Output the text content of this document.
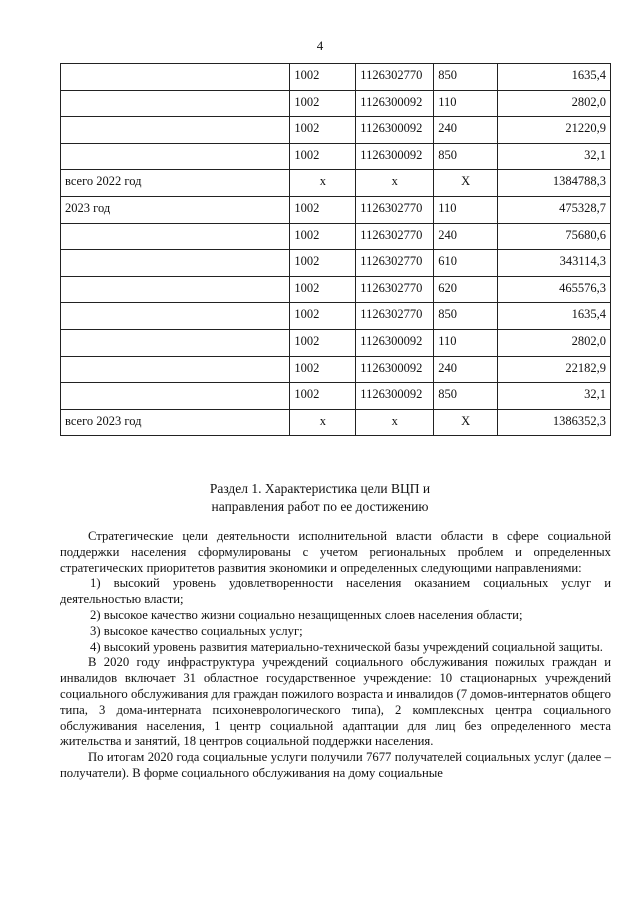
4
	1002	1126302770	850	1635,4
	1002	1126300092	110	2802,0
	1002	1126300092	240	21220,9
	1002	1126300092	850	32,1
всего 2022 год	х	х	Х	1384788,3
2023 год	1002	1126302770	110	475328,7
	1002	1126302770	240	75680,6
	1002	1126302770	610	343114,3
	1002	1126302770	620	465576,3
	1002	1126302770	850	1635,4
	1002	1126300092	110	2802,0
	1002	1126300092	240	22182,9
	1002	1126300092	850	32,1
всего 2023 год	х	х	Х	1386352,3
Раздел 1. Характеристика цели ВЦП и
направления работ по ее достижению

Стратегические цели деятельности исполнительной власти области в сфере социальной поддержки населения сформулированы с учетом региональных проблем и определенных стратегических приоритетов развития экономики и определенных следующими направлениями:

1) высокий уровень удовлетворенности населения оказанием социальных услуг и деятельностью власти;

2) высокое качество жизни социально незащищенных слоев населения области;

3) высокое качество социальных услуг;

4) высокий уровень развития материально-технической базы учреждений социальной защиты.

В 2020 году инфраструктура учреждений социального обслуживания пожилых граждан и инвалидов включает 31 областное государственное учреждение: 10 стационарных учреждений социального обслуживания для граждан пожилого возраста и инвалидов (7 домов-интернатов общего типа, 3 дома-интерната психоневрологического типа), 2 комплексных центра социального обслуживания населения, 1 центр социальной адаптации для лиц без определенного места жительства и занятий, 18 центров социальной поддержки населения.

По итогам 2020 года социальные услуги получили 7677 получателей социальных услуг (далее – получатели). В форме социального обслуживания на дому социальные
